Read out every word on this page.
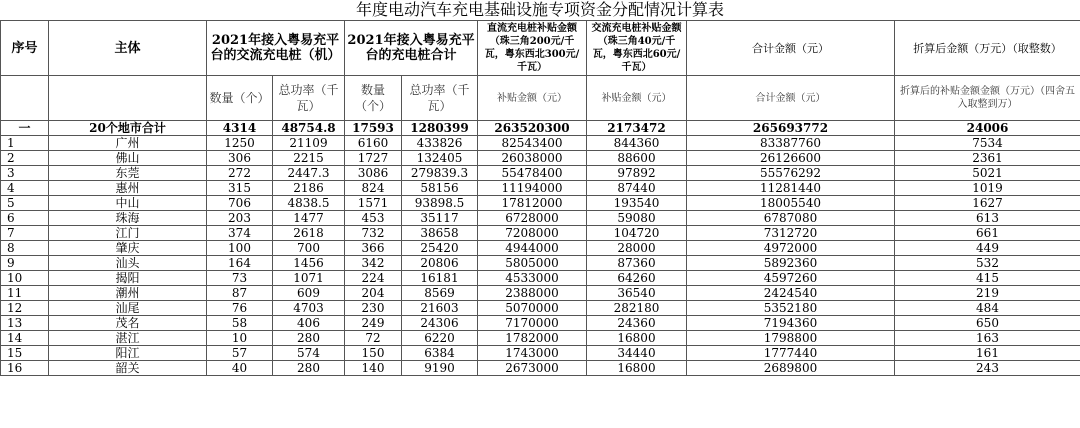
年度电动汽车充电基础设施专项资金分配情况计算表
序号	主体	2021年接入粤易充平台的交流充电桩（机）		2021年接入粤易充平台的充电桩合计		直流充电桩补贴金额（珠三角200元/千瓦，粤东西北300元/千瓦）	交流充电桩补贴金额（珠三角40元/千瓦，粤东西北60元/千瓦）	合计金额（元）	折算后金额（万元）（取整数）
		数量（个）	总功率（千瓦）	数量（个）	总功率（千瓦）	补贴金额（元）	补贴金额（元）	合计金额（元）	折算后的补贴金额金额（万元）（四舍五入取整到万）
一	20个地市合计	4314	48754.8	17593	1280399	263520300	2173472	265693772	24006
1	广州	1250	21109	6160	433826	82543400	844360	83387760	7534
2	佛山	306	2215	1727	132405	26038000	88600	26126600	2361
3	东莞	272	2447.3	3086	279839.3	55478400	97892	55576292	5021
4	惠州	315	2186	824	58156	11194000	87440	11281440	1019
5	中山	706	4838.5	1571	93898.5	17812000	193540	18005540	1627
6	珠海	203	1477	453	35117	6728000	59080	6787080	613
7	江门	374	2618	732	38658	7208000	104720	7312720	661
8	肇庆	100	700	366	25420	4944000	28000	4972000	449
9	汕头	164	1456	342	20806	5805000	87360	5892360	532
10	揭阳	73	1071	224	16181	4533000	64260	4597260	415
11	潮州	87	609	204	8569	2388000	36540	2424540	219
12	汕尾	76	4703	230	21603	5070000	282180	5352180	484
13	茂名	58	406	249	24306	7170000	24360	7194360	650
14	湛江	10	280	72	6220	1782000	16800	1798800	163
15	阳江	57	574	150	6384	1743000	34440	1777440	161
16	韶关	40	280	140	9190	2673000	16800	2689800	243
